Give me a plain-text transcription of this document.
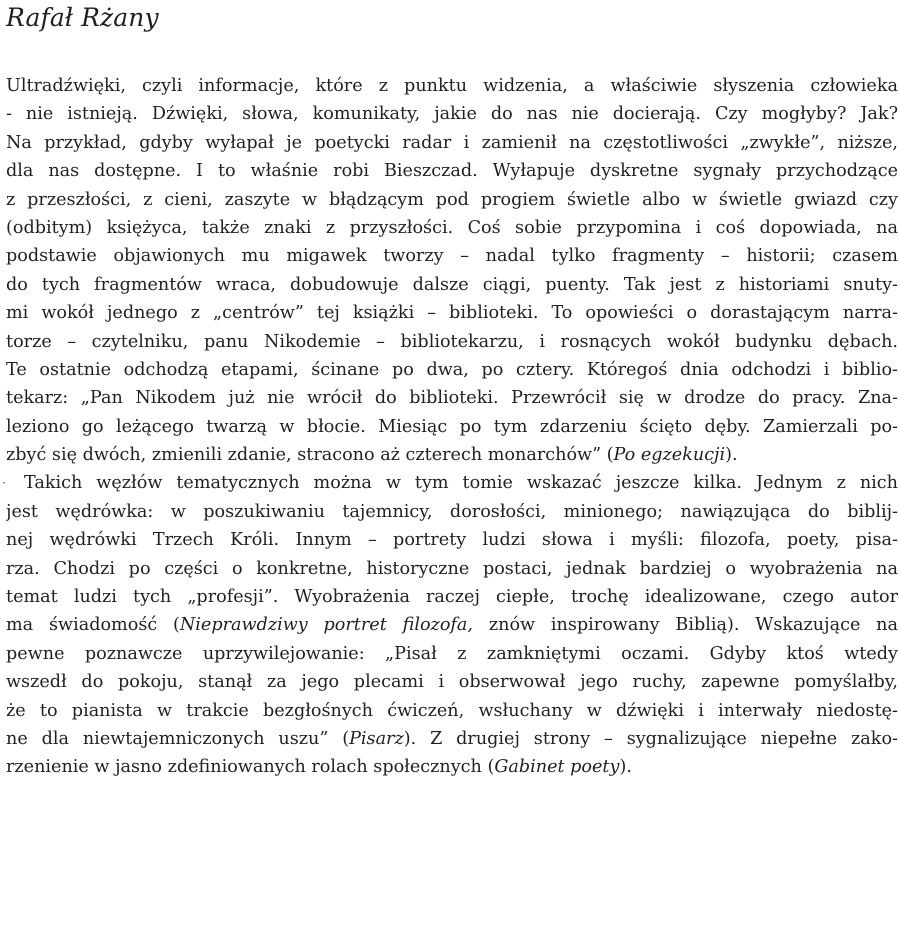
Rafał Rżany
Ultradźwięki, czyli informacje, które z punktu widzenia, a właściwie słyszenia człowieka
- nie istnieją. Dźwięki, słowa, komunikaty, jakie do nas nie docierają. Czy mogłyby? Jak?
Na przykład, gdyby wyłapał je poetycki radar i zamienił na częstotliwości „zwykłe”, niższe,
dla nas dostępne. I to właśnie robi Bieszczad. Wyłapuje dyskretne sygnały przychodzące
z przeszłości, z cieni, zaszyte w błądzącym pod progiem świetle albo w świetle gwiazd czy
(odbitym) księżyca, także znaki z przyszłości. Coś sobie przypomina i coś dopowiada, na
podstawie objawionych mu migawek tworzy – nadal tylko fragmenty – historii; czasem
do tych fragmentów wraca, dobudowuje dalsze ciągi, puenty. Tak jest z historiami snuty-
mi wokół jednego z „centrów” tej książki – biblioteki. To opowieści o dorastającym narra-
torze – czytelniku, panu Nikodemie – bibliotekarzu, i rosnących wokół budynku dębach.
Te ostatnie odchodzą etapami, ścinane po dwa, po cztery. Któregoś dnia odchodzi i biblio-
tekarz: „Pan Nikodem już nie wrócił do biblioteki. Przewrócił się w drodze do pracy. Zna-
leziono go leżącego twarzą w błocie. Miesiąc po tym zdarzeniu ścięto dęby. Zamierzali po-
zbyć się dwóch, zmienili zdanie, stracono aż czterech monarchów” (Po egzekucji).
·	Takich węzłów tematycznych można w tym tomie wskazać jeszcze kilka. Jednym z nich
jest wędrówka: w poszukiwaniu tajemnicy, dorosłości, minionego; nawiązująca do biblij-
nej wędrówki Trzech Króli. Innym – portrety ludzi słowa i myśli: filozofa, poety, pisa-
rza. Chodzi po części o konkretne, historyczne postaci, jednak bardziej o wyobrażenia na
temat ludzi tych „profesji”. Wyobrażenia raczej ciepłe, trochę idealizowane, czego autor
ma świadomość (Nieprawdziwy portret filozofa, znów inspirowany Biblią). Wskazujące na
pewne poznawcze uprzywilejowanie: „Pisał z zamkniętymi oczami. Gdyby ktoś wtedy
wszedł do pokoju, stanął za jego plecami i obserwował jego ruchy, zapewne pomyślałby,
że to pianista w trakcie bezgłośnych ćwiczeń, wsłuchany w dźwięki i interwały niedostę-
ne dla niewtajemniczonych uszu” (Pisarz). Z drugiej strony – sygnalizujące niepełne zako-
rzenienie w jasno zdefiniowanych rolach społecznych (Gabinet poety).
